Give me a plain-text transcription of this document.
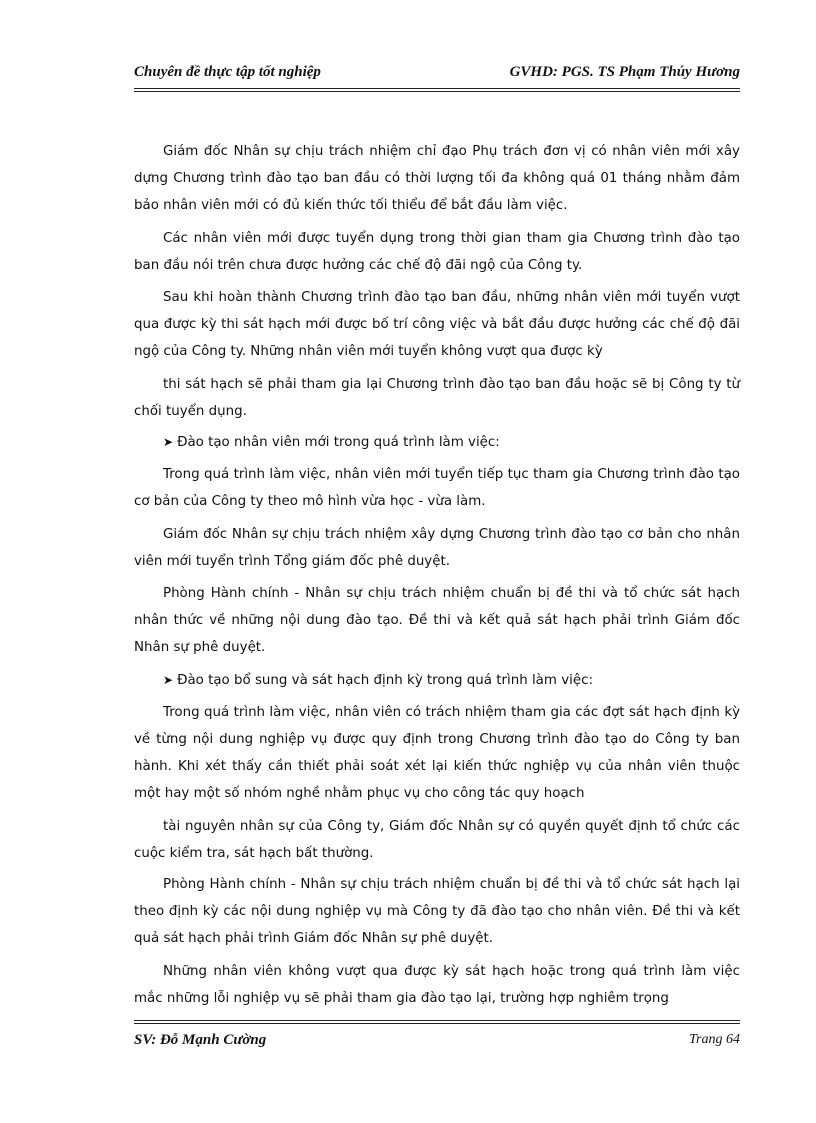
Chuyên đề thực tập tốt nghiệp	GVHD: PGS. TS Phạm Thúy Hương

Giám đốc Nhân sự chịu trách nhiệm chỉ đạo Phụ trách đơn vị có nhân viên mới xây dựng Chương trình đào tạo ban đầu có thời lượng tối đa không quá 01 tháng nhằm đảm bảo nhân viên mới có đủ kiến thức tối thiểu để bắt đầu làm việc.

Các nhân viên mới được tuyển dụng trong thời gian tham gia Chương trình đào tạo ban đầu nói trên chưa được hưởng các chế độ đãi ngộ của Công ty.

Sau khi hoàn thành Chương trình đào tạo ban đầu, những nhân viên mới tuyển vượt qua được kỳ thi sát hạch mới được bố trí công việc và bắt đầu được hưởng các chế độ đãi ngộ của Công ty. Những nhân viên mới tuyển không vượt qua được kỳ

thi sát hạch sẽ phải tham gia lại Chương trình đào tạo ban đầu hoặc sẽ bị Công ty từ chối tuyển dụng.

➤ Đào tạo nhân viên mới trong quá trình làm việc:

Trong quá trình làm việc, nhân viên mới tuyển tiếp tục tham gia Chương trình đào tạo cơ bản của Công ty theo mô hình vừa học - vừa làm.

Giám đốc Nhân sự chịu trách nhiệm xây dựng Chương trình đào tạo cơ bản cho nhân viên mới tuyển trình Tổng giám đốc phê duyệt.

Phòng Hành chính - Nhân sự chịu trách nhiệm chuẩn bị đề thi và tổ chức sát hạch nhân thức về những nội dung đào tạo. Đề thi và kết quả sát hạch phải trình Giám đốc Nhân sự phê duyệt.

➤ Đào tạo bổ sung và sát hạch định kỳ trong quá trình làm việc:

Trong quá trình làm việc, nhân viên có trách nhiệm tham gia các đợt sát hạch định kỳ về từng nội dung nghiệp vụ được quy định trong Chương trình đào tạo do Công ty ban hành. Khi xét thấy cần thiết phải soát xét lại kiến thức nghiệp vụ của nhân viên thuộc một hay một số nhóm nghề nhằm phục vụ cho công tác quy hoạch

tài nguyên nhân sự của Công ty, Giám đốc Nhân sự có quyền quyết định tổ chức các cuộc kiểm tra, sát hạch bất thường.

Phòng Hành chính - Nhân sự chịu trách nhiệm chuẩn bị đề thi và tổ chức sát hạch lại theo định kỳ các nội dung nghiệp vụ mà Công ty đã đào tạo cho nhân viên. Đề thi và kết quả sát hạch phải trình Giám đốc Nhân sự phê duyệt.

Những nhân viên không vượt qua được kỳ sát hạch hoặc trong quá trình làm việc mắc những lỗi nghiệp vụ sẽ phải tham gia đào tạo lại, trường hợp nghiêm trọng

SV: Đỗ Mạnh Cường	Trang 64
